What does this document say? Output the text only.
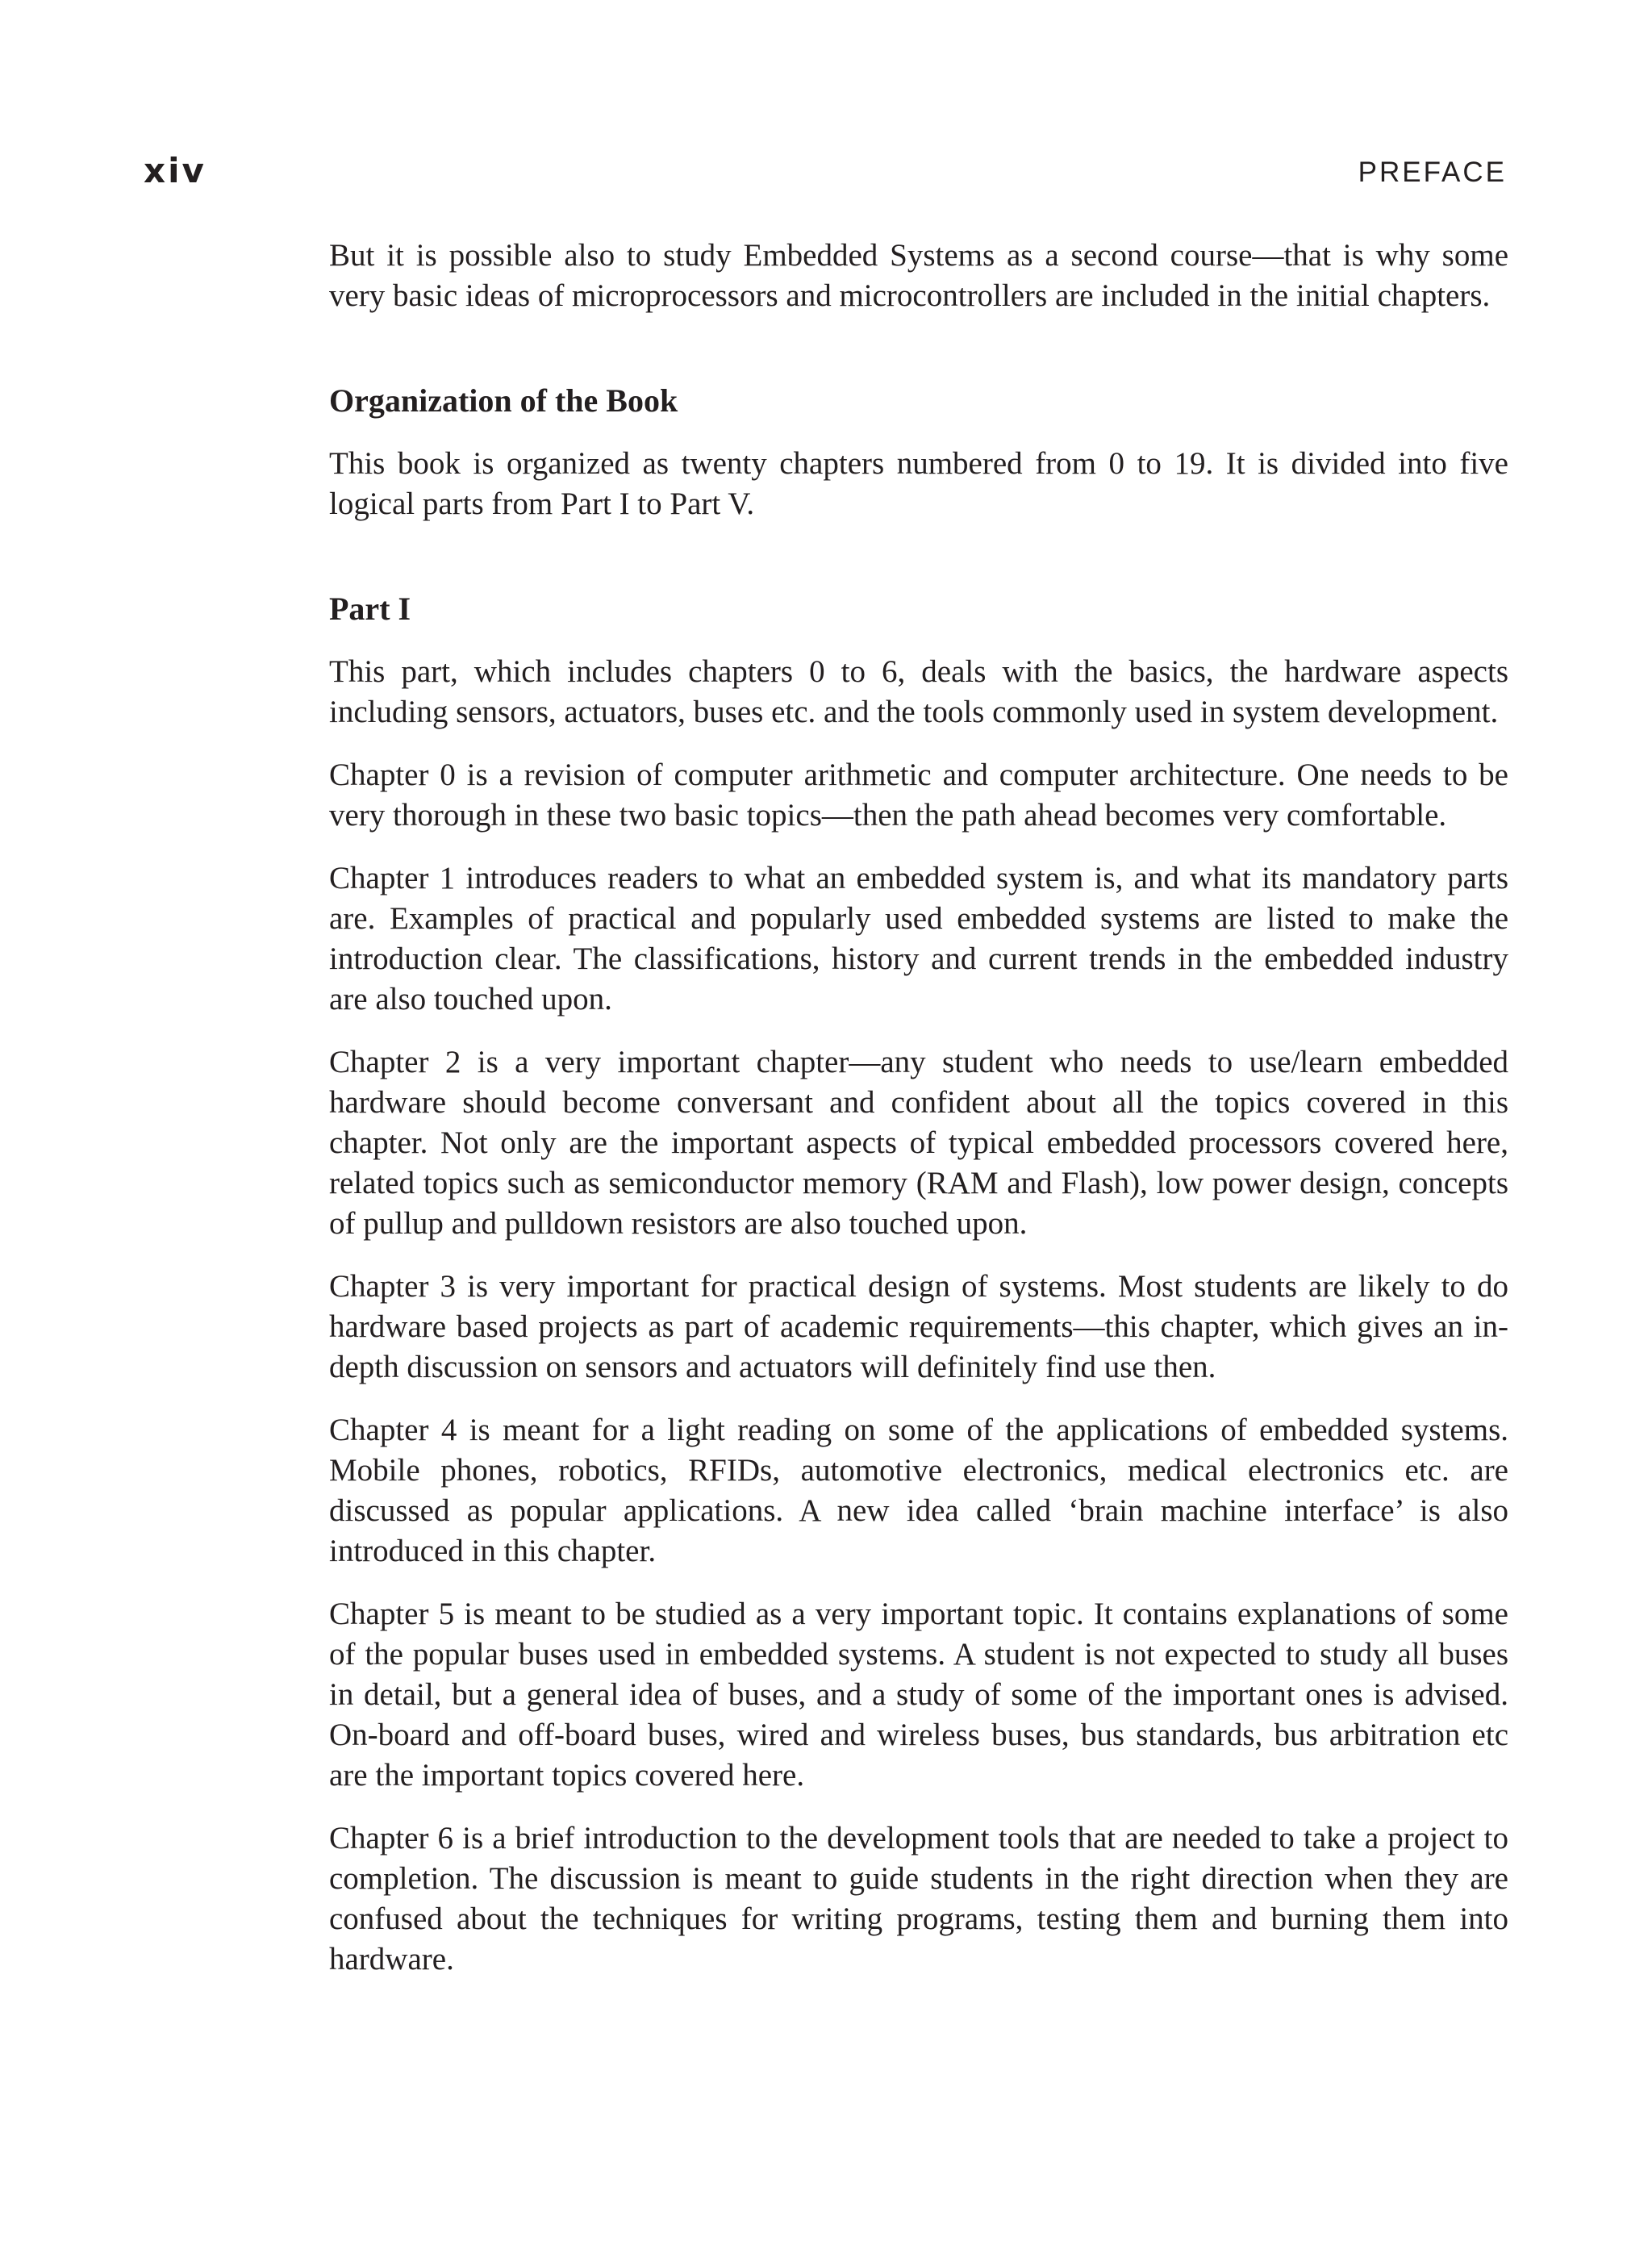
xiv	PREFACE

But it is possible also to study Embedded Systems as a second course—that is why some very basic ideas of microprocessors and microcontrollers are included in the initial chapters.

Organization of the Book

This book is organized as twenty chapters numbered from 0 to 19. It is divided into five logical parts from Part I to Part V.

Part I

This part, which includes chapters 0 to 6, deals with the basics, the hardware aspects including sensors, actuators, buses etc. and the tools commonly used in system development.

Chapter 0 is a revision of computer arithmetic and computer architecture. One needs to be very thorough in these two basic topics—then the path ahead becomes very comfortable.

Chapter 1 introduces readers to what an embedded system is, and what its mandatory parts are. Examples of practical and popularly used embedded systems are listed to make the introduction clear. The classifications, history and current trends in the embedded industry are also touched upon.

Chapter 2 is a very important chapter—any student who needs to use/learn embedded hardware should become conversant and confident about all the topics covered in this chapter. Not only are the important aspects of typical embedded processors covered here, related topics such as semiconductor memory (RAM and Flash), low power design, concepts of pullup and pulldown resistors are also touched upon.

Chapter 3 is very important for practical design of systems. Most students are likely to do hardware based projects as part of academic requirements—this chapter, which gives an in-depth discussion on sensors and actuators will definitely find use then.

Chapter 4 is meant for a light reading on some of the applications of embedded systems. Mobile phones, robotics, RFIDs, automotive electronics, medical electronics etc. are discussed as popular applications. A new idea called ‘brain machine interface’ is also introduced in this chapter.

Chapter 5 is meant to be studied as a very important topic. It contains explanations of some of the popular buses used in embedded systems. A student is not expected to study all buses in detail, but a general idea of buses, and a study of some of the important ones is advised. On-board and off-board buses, wired and wireless buses, bus standards, bus arbitration etc are the important topics covered here.

Chapter 6 is a brief introduction to the development tools that are needed to take a project to completion. The discussion is meant to guide students in the right direction when they are confused about the techniques for writing programs, testing them and burning them into hardware.
